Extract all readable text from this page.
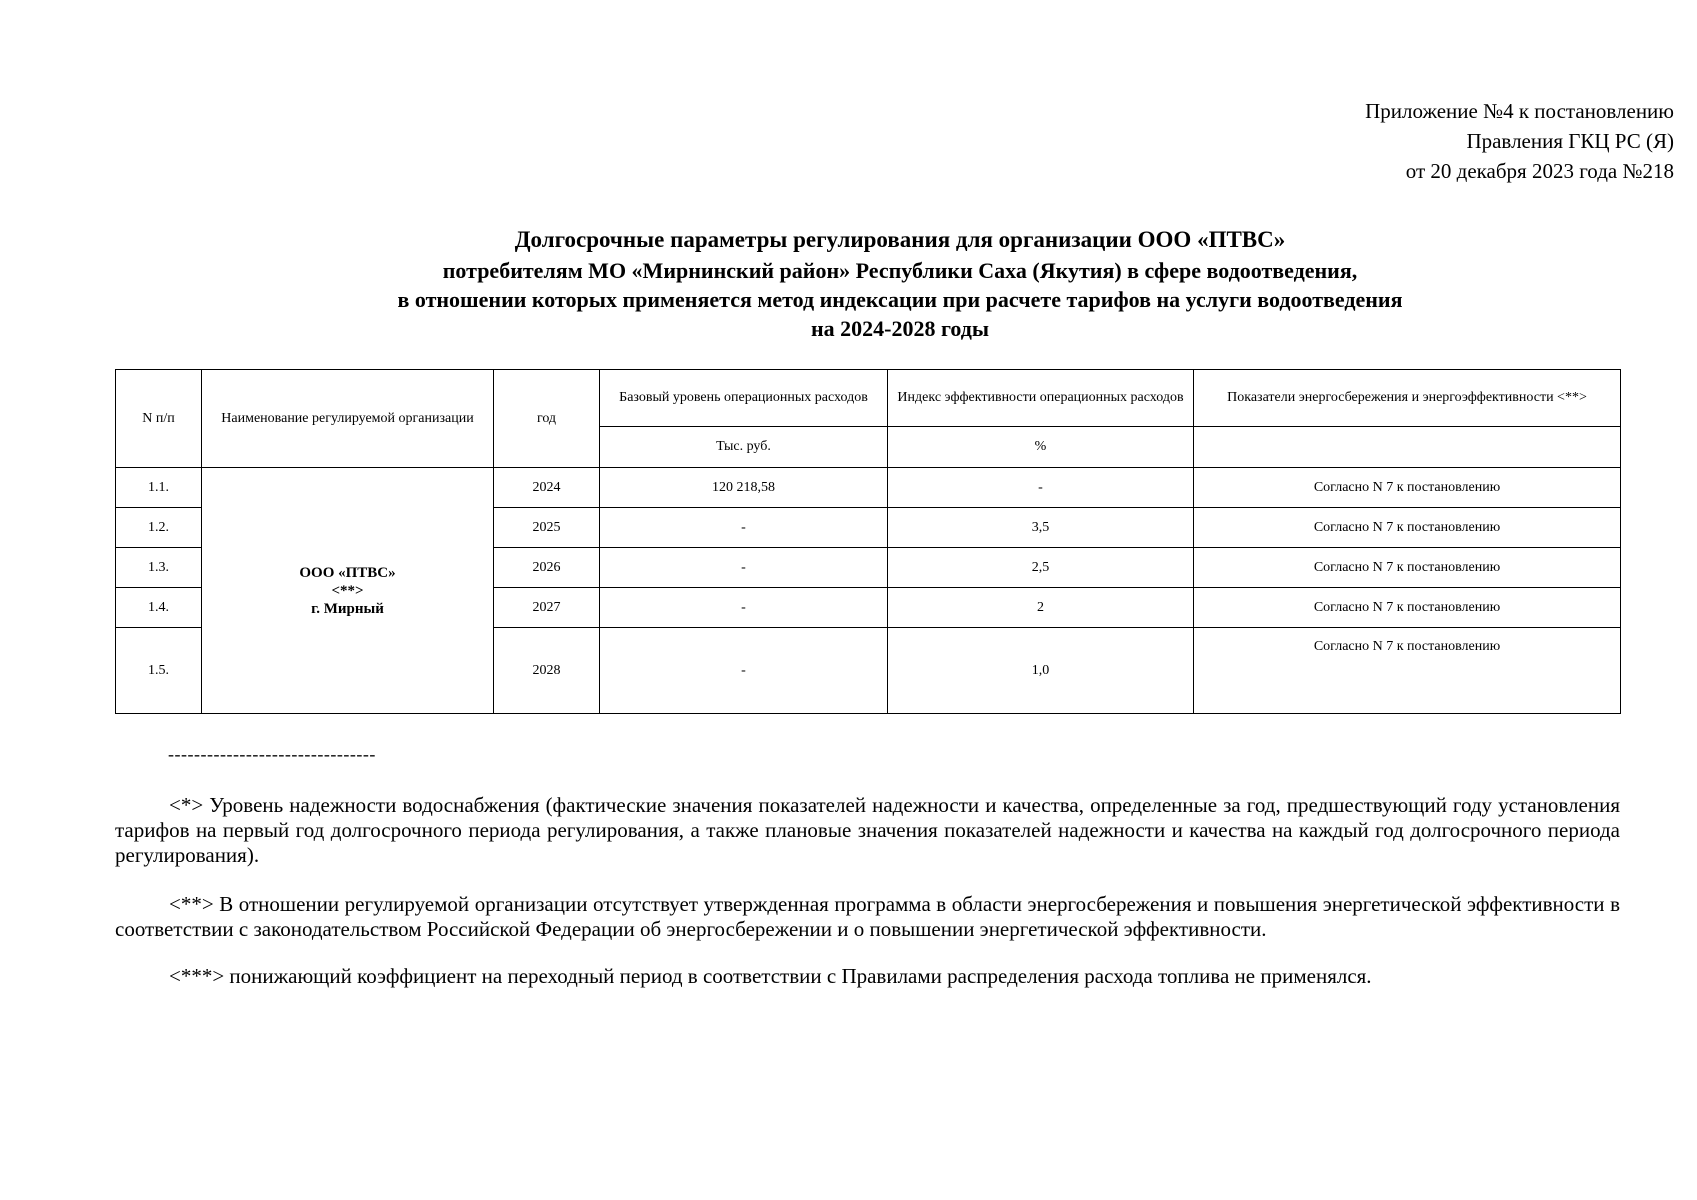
Приложение №4 к постановлению
Правления ГКЦ РС (Я)
от 20 декабря 2023 года №218
Долгосрочные параметры регулирования для организации ООО «ПТВС»
потребителям МО «Мирнинский район» Республики Саха (Якутия) в сфере водоотведения,
в отношении которых применяется метод индексации при расчете тарифов на услуги водоотведения
на 2024-2028 годы
N п/п	Наименование регулируемой организации	год	Базовый уровень операционных расходов	Индекс эффективности операционных расходов	Показатели энергосбережения и энергоэффективности <**>
			Тыс. руб.	%	
1.1.	ООО «ПТВС»
<**>
г. Мирный	2024	120 218,58	-	Согласно N 7 к постановлению
1.2.		2025	-	3,5	Согласно N 7 к постановлению
1.3.		2026	-	2,5	Согласно N 7 к постановлению
1.4.		2027	-	2	Согласно N 7 к постановлению
1.5.		2028	-	1,0	Согласно N 7 к постановлению
--------------------------------

<*> Уровень надежности водоснабжения (фактические значения показателей надежности и качества, определенные за год, предшествующий году установления тарифов на первый год долгосрочного периода регулирования, а также плановые значения показателей надежности и качества на каждый год долгосрочного периода регулирования).

<**> В отношении регулируемой организации отсутствует утвержденная программа в области энергосбережения и повышения энергетической эффективности в соответствии с законодательством Российской Федерации об энергосбережении и о повышении энергетической эффективности.

<***> понижающий коэффициент на переходный период в соответствии с Правилами распределения расхода топлива не применялся.
